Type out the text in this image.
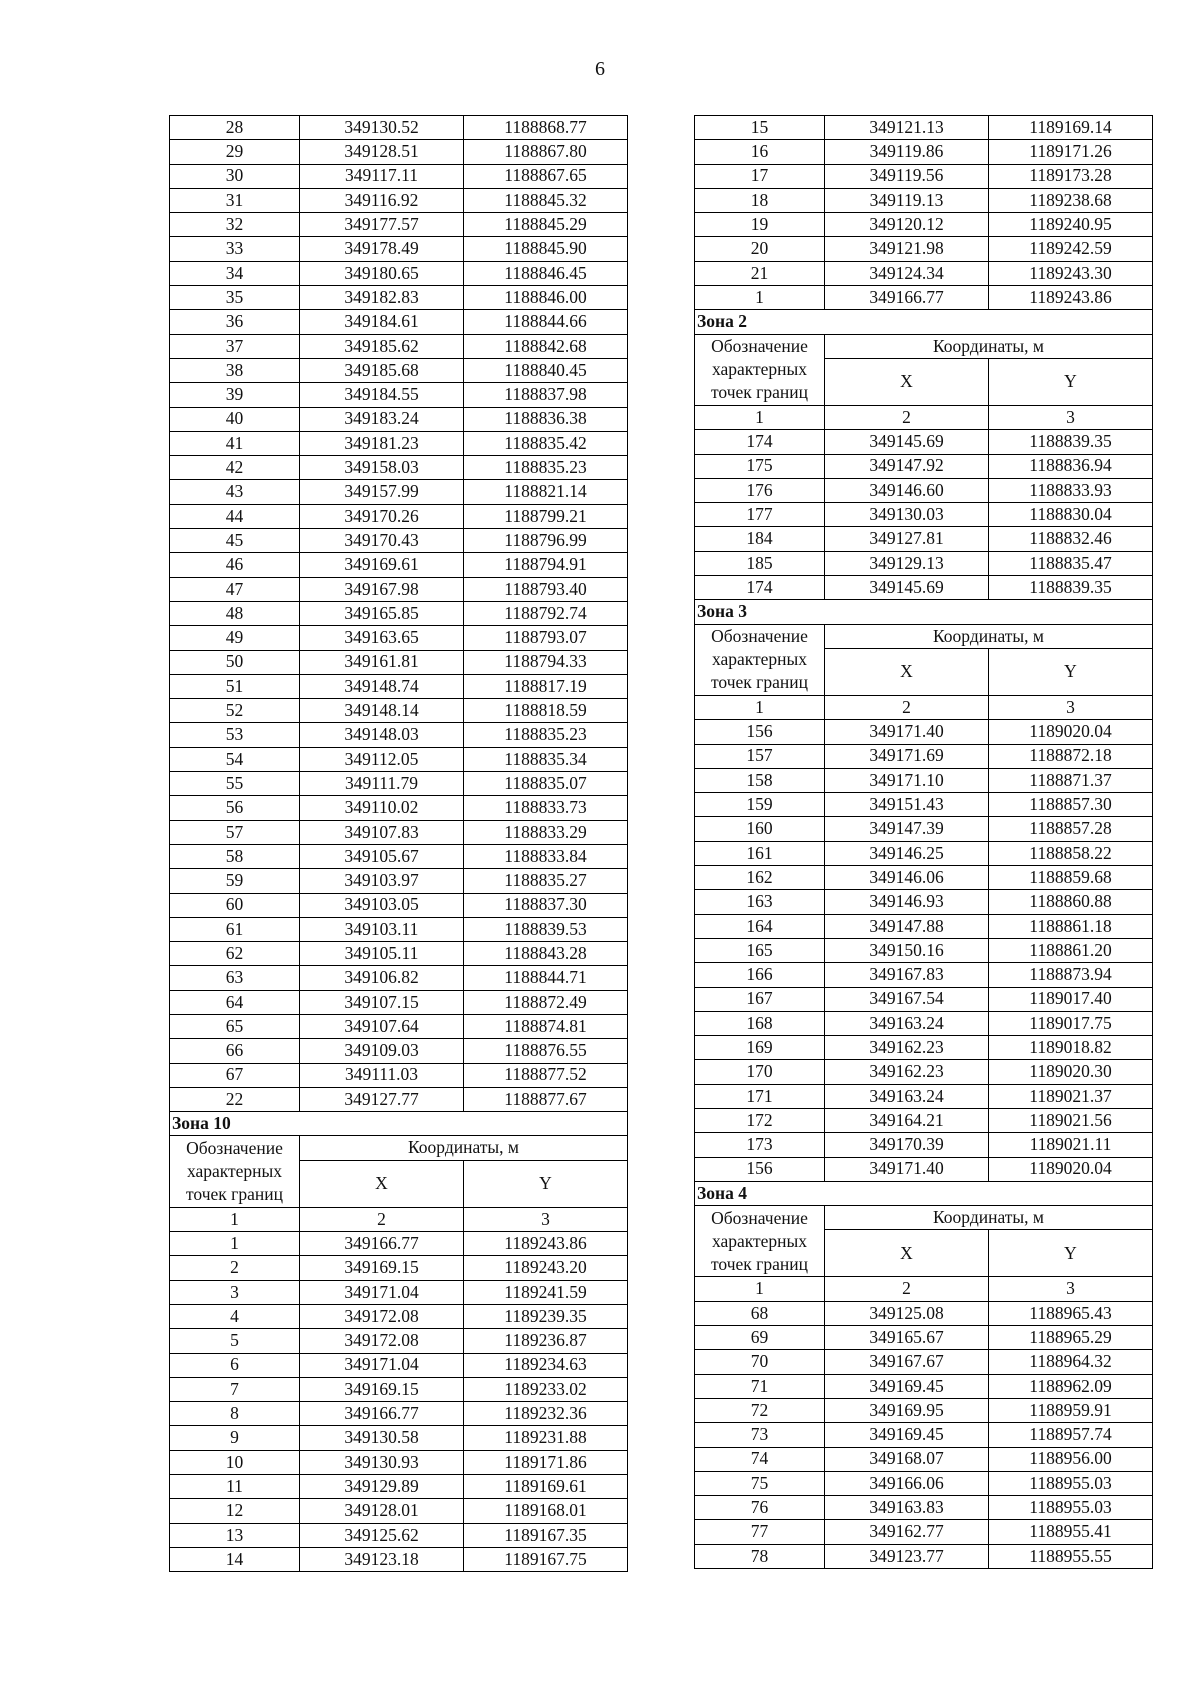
6
28	349130.52	1188868.77
29	349128.51	1188867.80
30	349117.11	1188867.65
31	349116.92	1188845.32
32	349177.57	1188845.29
33	349178.49	1188845.90
34	349180.65	1188846.45
35	349182.83	1188846.00
36	349184.61	1188844.66
37	349185.62	1188842.68
38	349185.68	1188840.45
39	349184.55	1188837.98
40	349183.24	1188836.38
41	349181.23	1188835.42
42	349158.03	1188835.23
43	349157.99	1188821.14
44	349170.26	1188799.21
45	349170.43	1188796.99
46	349169.61	1188794.91
47	349167.98	1188793.40
48	349165.85	1188792.74
49	349163.65	1188793.07
50	349161.81	1188794.33
51	349148.74	1188817.19
52	349148.14	1188818.59
53	349148.03	1188835.23
54	349112.05	1188835.34
55	349111.79	1188835.07
56	349110.02	1188833.73
57	349107.83	1188833.29
58	349105.67	1188833.84
59	349103.97	1188835.27
60	349103.05	1188837.30
61	349103.11	1188839.53
62	349105.11	1188843.28
63	349106.82	1188844.71
64	349107.15	1188872.49
65	349107.64	1188874.81
66	349109.03	1188876.55
67	349111.03	1188877.52
22	349127.77	1188877.67
Зона 10		
Обозначение характерных точек границ	Координаты, м	
	X	Y
1	2	3
1	349166.77	1189243.86
2	349169.15	1189243.20
3	349171.04	1189241.59
4	349172.08	1189239.35
5	349172.08	1189236.87
6	349171.04	1189234.63
7	349169.15	1189233.02
8	349166.77	1189232.36
9	349130.58	1189231.88
10	349130.93	1189171.86
11	349129.89	1189169.61
12	349128.01	1189168.01
13	349125.62	1189167.35
14	349123.18	1189167.75
15	349121.13	1189169.14
16	349119.86	1189171.26
17	349119.56	1189173.28
18	349119.13	1189238.68
19	349120.12	1189240.95
20	349121.98	1189242.59
21	349124.34	1189243.30
1	349166.77	1189243.86
Зона 2		
Обозначение характерных точек границ	Координаты, м	
	X	Y
1	2	3
174	349145.69	1188839.35
175	349147.92	1188836.94
176	349146.60	1188833.93
177	349130.03	1188830.04
184	349127.81	1188832.46
185	349129.13	1188835.47
174	349145.69	1188839.35
Зона 3		
Обозначение характерных точек границ	Координаты, м	
	X	Y
1	2	3
156	349171.40	1189020.04
157	349171.69	1188872.18
158	349171.10	1188871.37
159	349151.43	1188857.30
160	349147.39	1188857.28
161	349146.25	1188858.22
162	349146.06	1188859.68
163	349146.93	1188860.88
164	349147.88	1188861.18
165	349150.16	1188861.20
166	349167.83	1188873.94
167	349167.54	1189017.40
168	349163.24	1189017.75
169	349162.23	1189018.82
170	349162.23	1189020.30
171	349163.24	1189021.37
172	349164.21	1189021.56
173	349170.39	1189021.11
156	349171.40	1189020.04
Зона 4		
Обозначение характерных точек границ	Координаты, м	
	X	Y
1	2	3
68	349125.08	1188965.43
69	349165.67	1188965.29
70	349167.67	1188964.32
71	349169.45	1188962.09
72	349169.95	1188959.91
73	349169.45	1188957.74
74	349168.07	1188956.00
75	349166.06	1188955.03
76	349163.83	1188955.03
77	349162.77	1188955.41
78	349123.77	1188955.55
